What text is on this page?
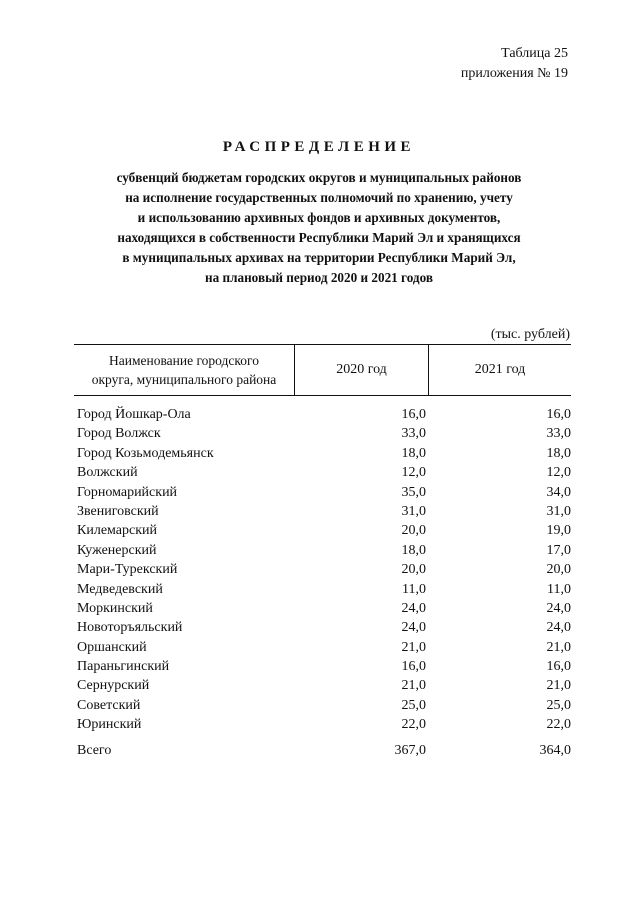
Таблица 25
приложения № 19
РАСПРЕДЕЛЕНИЕ
субвенций бюджетам городских округов и муниципальных районов
на исполнение государственных полномочий по хранению, учету
и использованию архивных фондов и архивных документов,
находящихся в собственности Республики Марий Эл и хранящихся
в муниципальных архивах на территории Республики Марий Эл,
на плановый период 2020 и 2021 годов
(тыс. рублей)
Наименование городского
округа, муниципального района
2020 год	2021 год
Город Йошкар-Ола	16,0	16,0
Город Волжск	33,0	33,0
Город Козьмодемьянск	18,0	18,0
Волжский	12,0	12,0
Горномарийский	35,0	34,0
Звениговский	31,0	31,0
Килемарский	20,0	19,0
Куженерский	18,0	17,0
Мари-Турекский	20,0	20,0
Медведевский	11,0	11,0
Моркинский	24,0	24,0
Новоторъяльский	24,0	24,0
Оршанский	21,0	21,0
Параньгинский	16,0	16,0
Сернурский	21,0	21,0
Советский	25,0	25,0
Юринский	22,0	22,0
Всего	367,0	364,0
